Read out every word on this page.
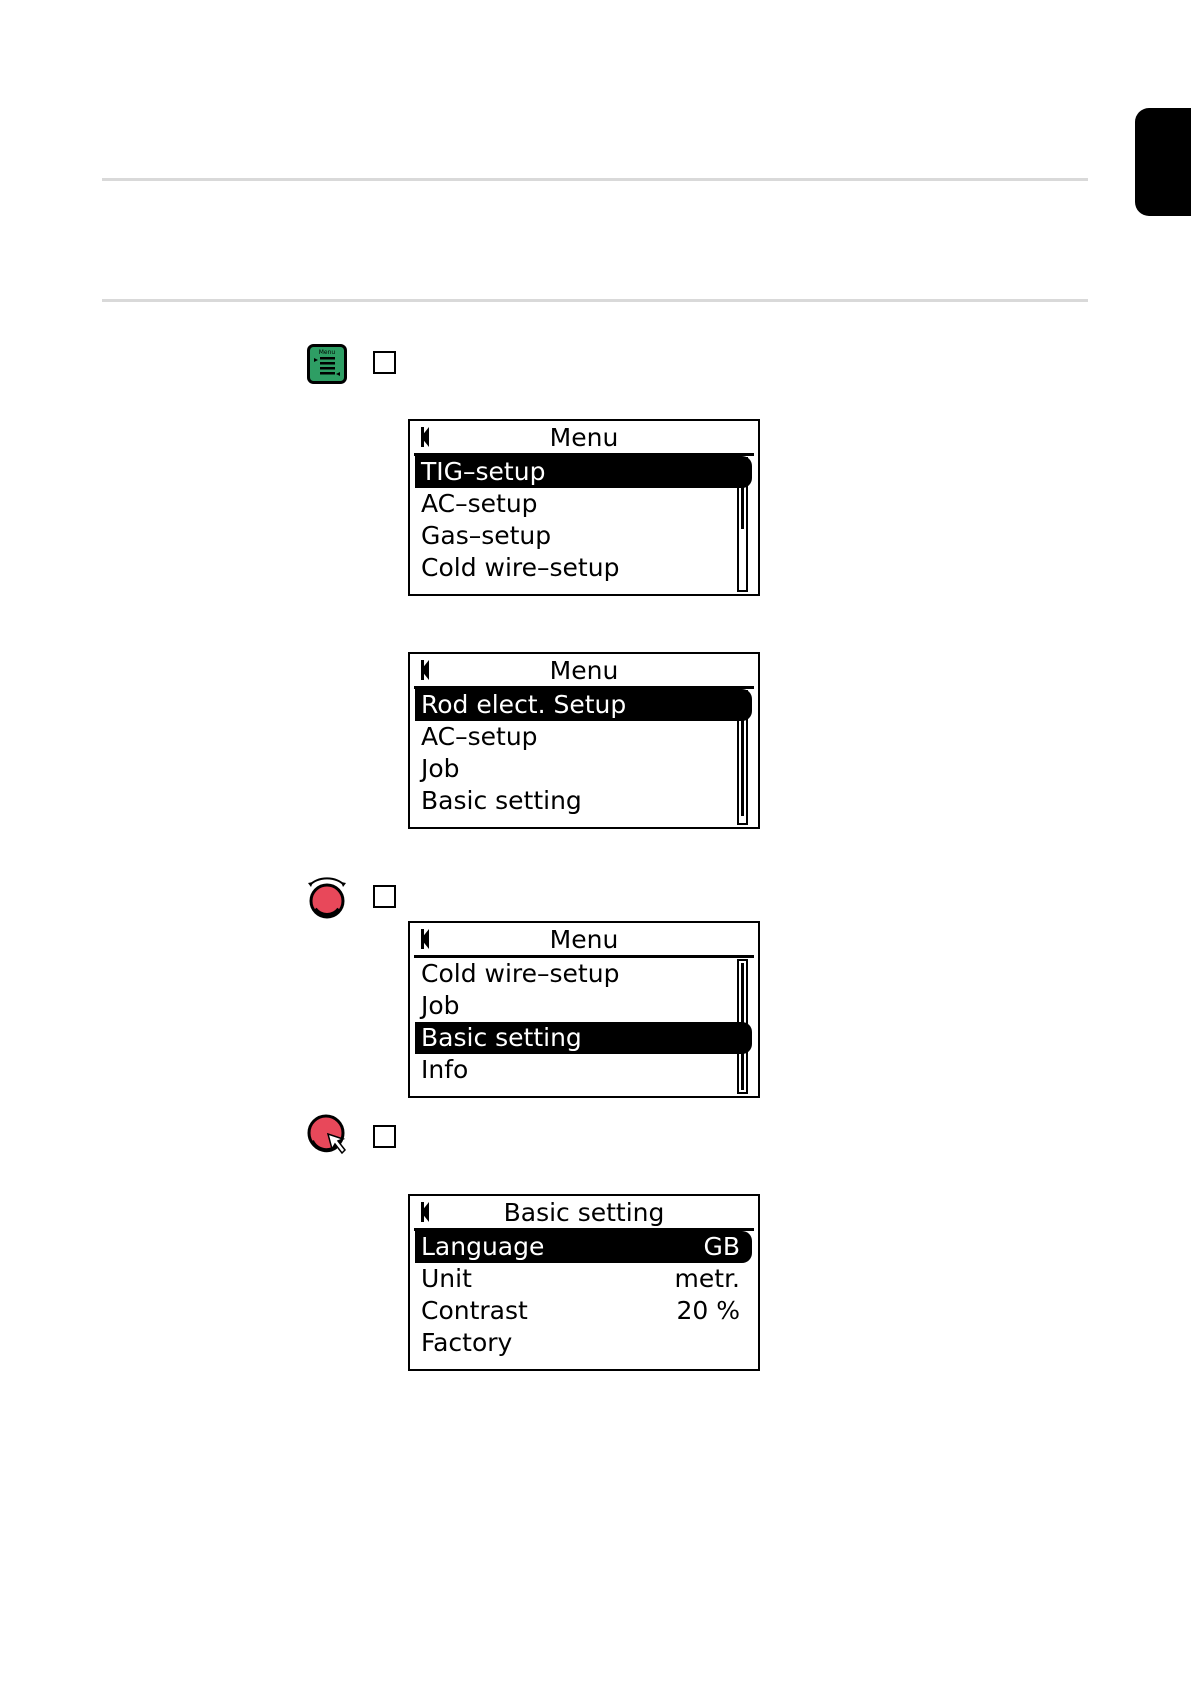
Menu
Menu
TIG–setup
AC–setup
Gas–setup
Cold wire–setup
Menu
Rod elect. Setup
AC–setup
Job
Basic setting
Menu
Cold wire–setup
Job
Basic setting
Info
Basic setting
Language	GB
Unit	metr.
Contrast	20 %
Factory
